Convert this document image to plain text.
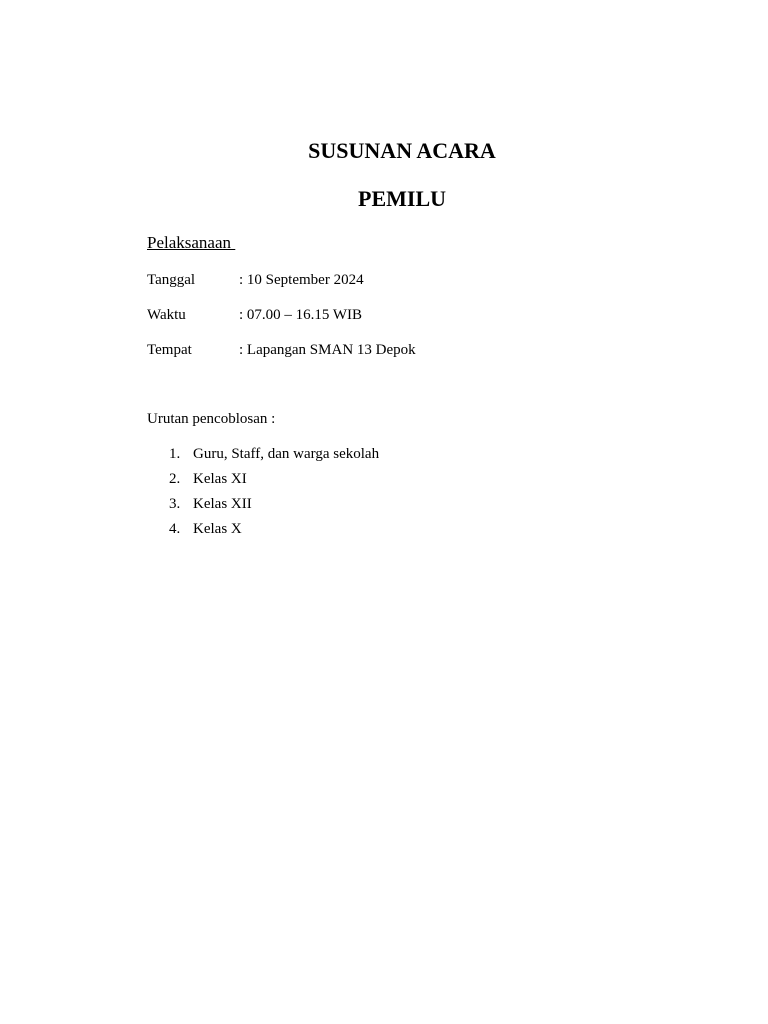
SUSUNAN ACARA
PEMILU

Pelaksanaan

Tanggal	: 10 September 2024
Waktu	: 07.00 – 16.15 WIB
Tempat	: Lapangan SMAN 13 Depok

Urutan pencoblosan :

1. Guru, Staff, dan warga sekolah
2. Kelas XI
3. Kelas XII
4. Kelas X
